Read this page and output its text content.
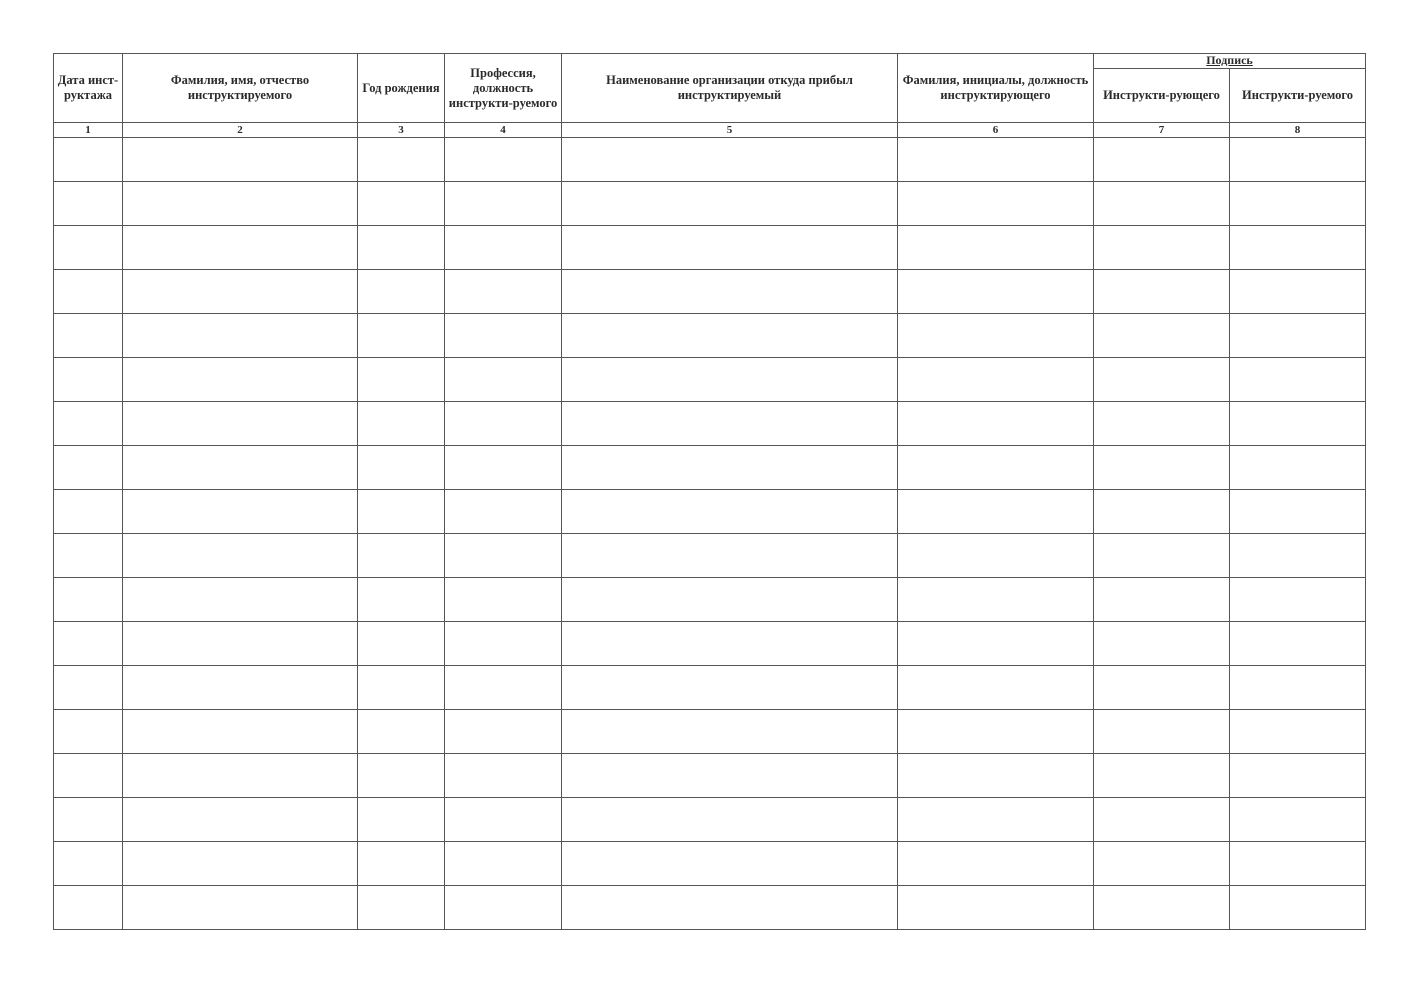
Дата инст-руктажа	Фамилия, имя, отчество инструктируемого	Год рождения	Профессия, должность инструкти-руемого	Наименование организации откуда прибыл инструктируемый	Фамилия, инициалы, должность инструктирующего	Подпись	

						Инструкти-рующего	Инструкти-руемого

1	2	3	4	5	6	7	8
